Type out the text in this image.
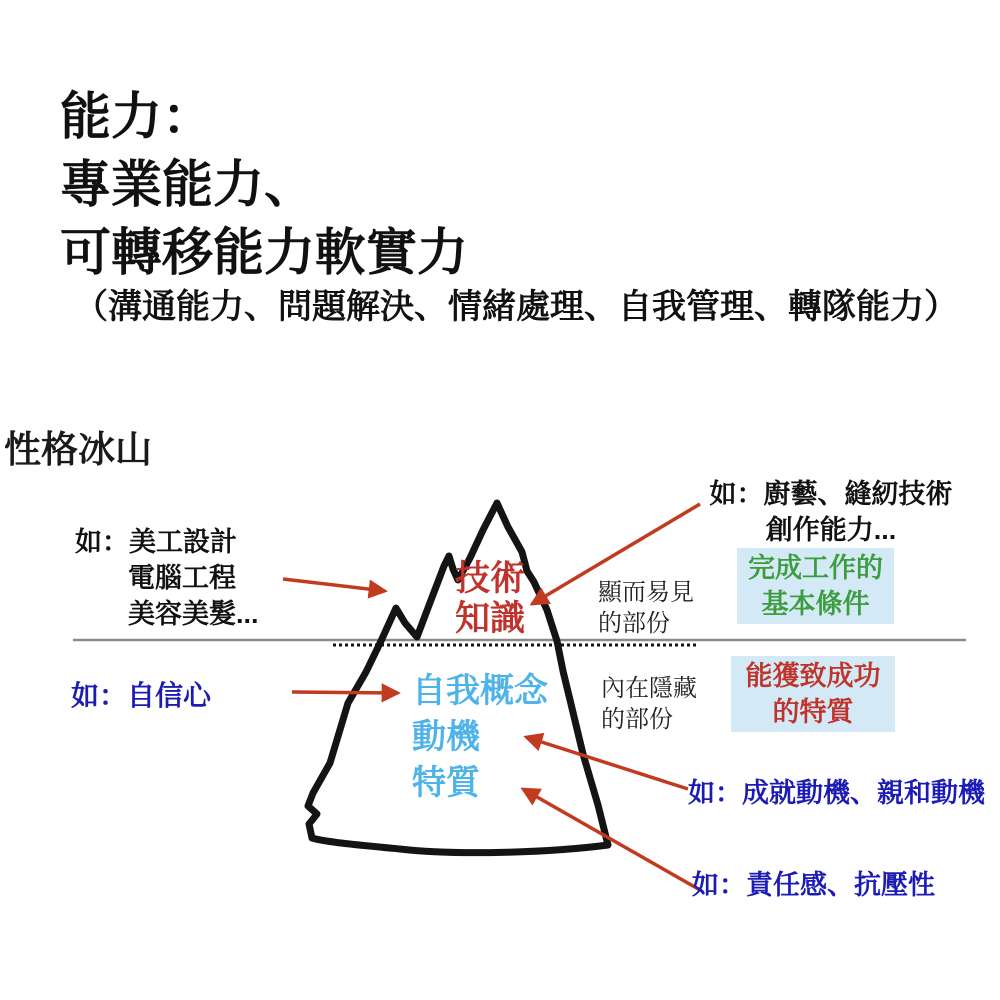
能力：
專業能力、
可轉移能力軟實力
（溝通能力、問題解決、情緒處理、自我管理、轉隊能力）
性格冰山
技術
知識
自我概念
動機
特質
如：美工設計
電腦工程
美容美髮...
如：自信心
如：廚藝、縫紉技術
創作能力...
顯而易見
的部份
內在隱藏
的部份
完成工作的
基本條件
能獲致成功
的特質
如：成就動機、親和動機
如：責任感、抗壓性
